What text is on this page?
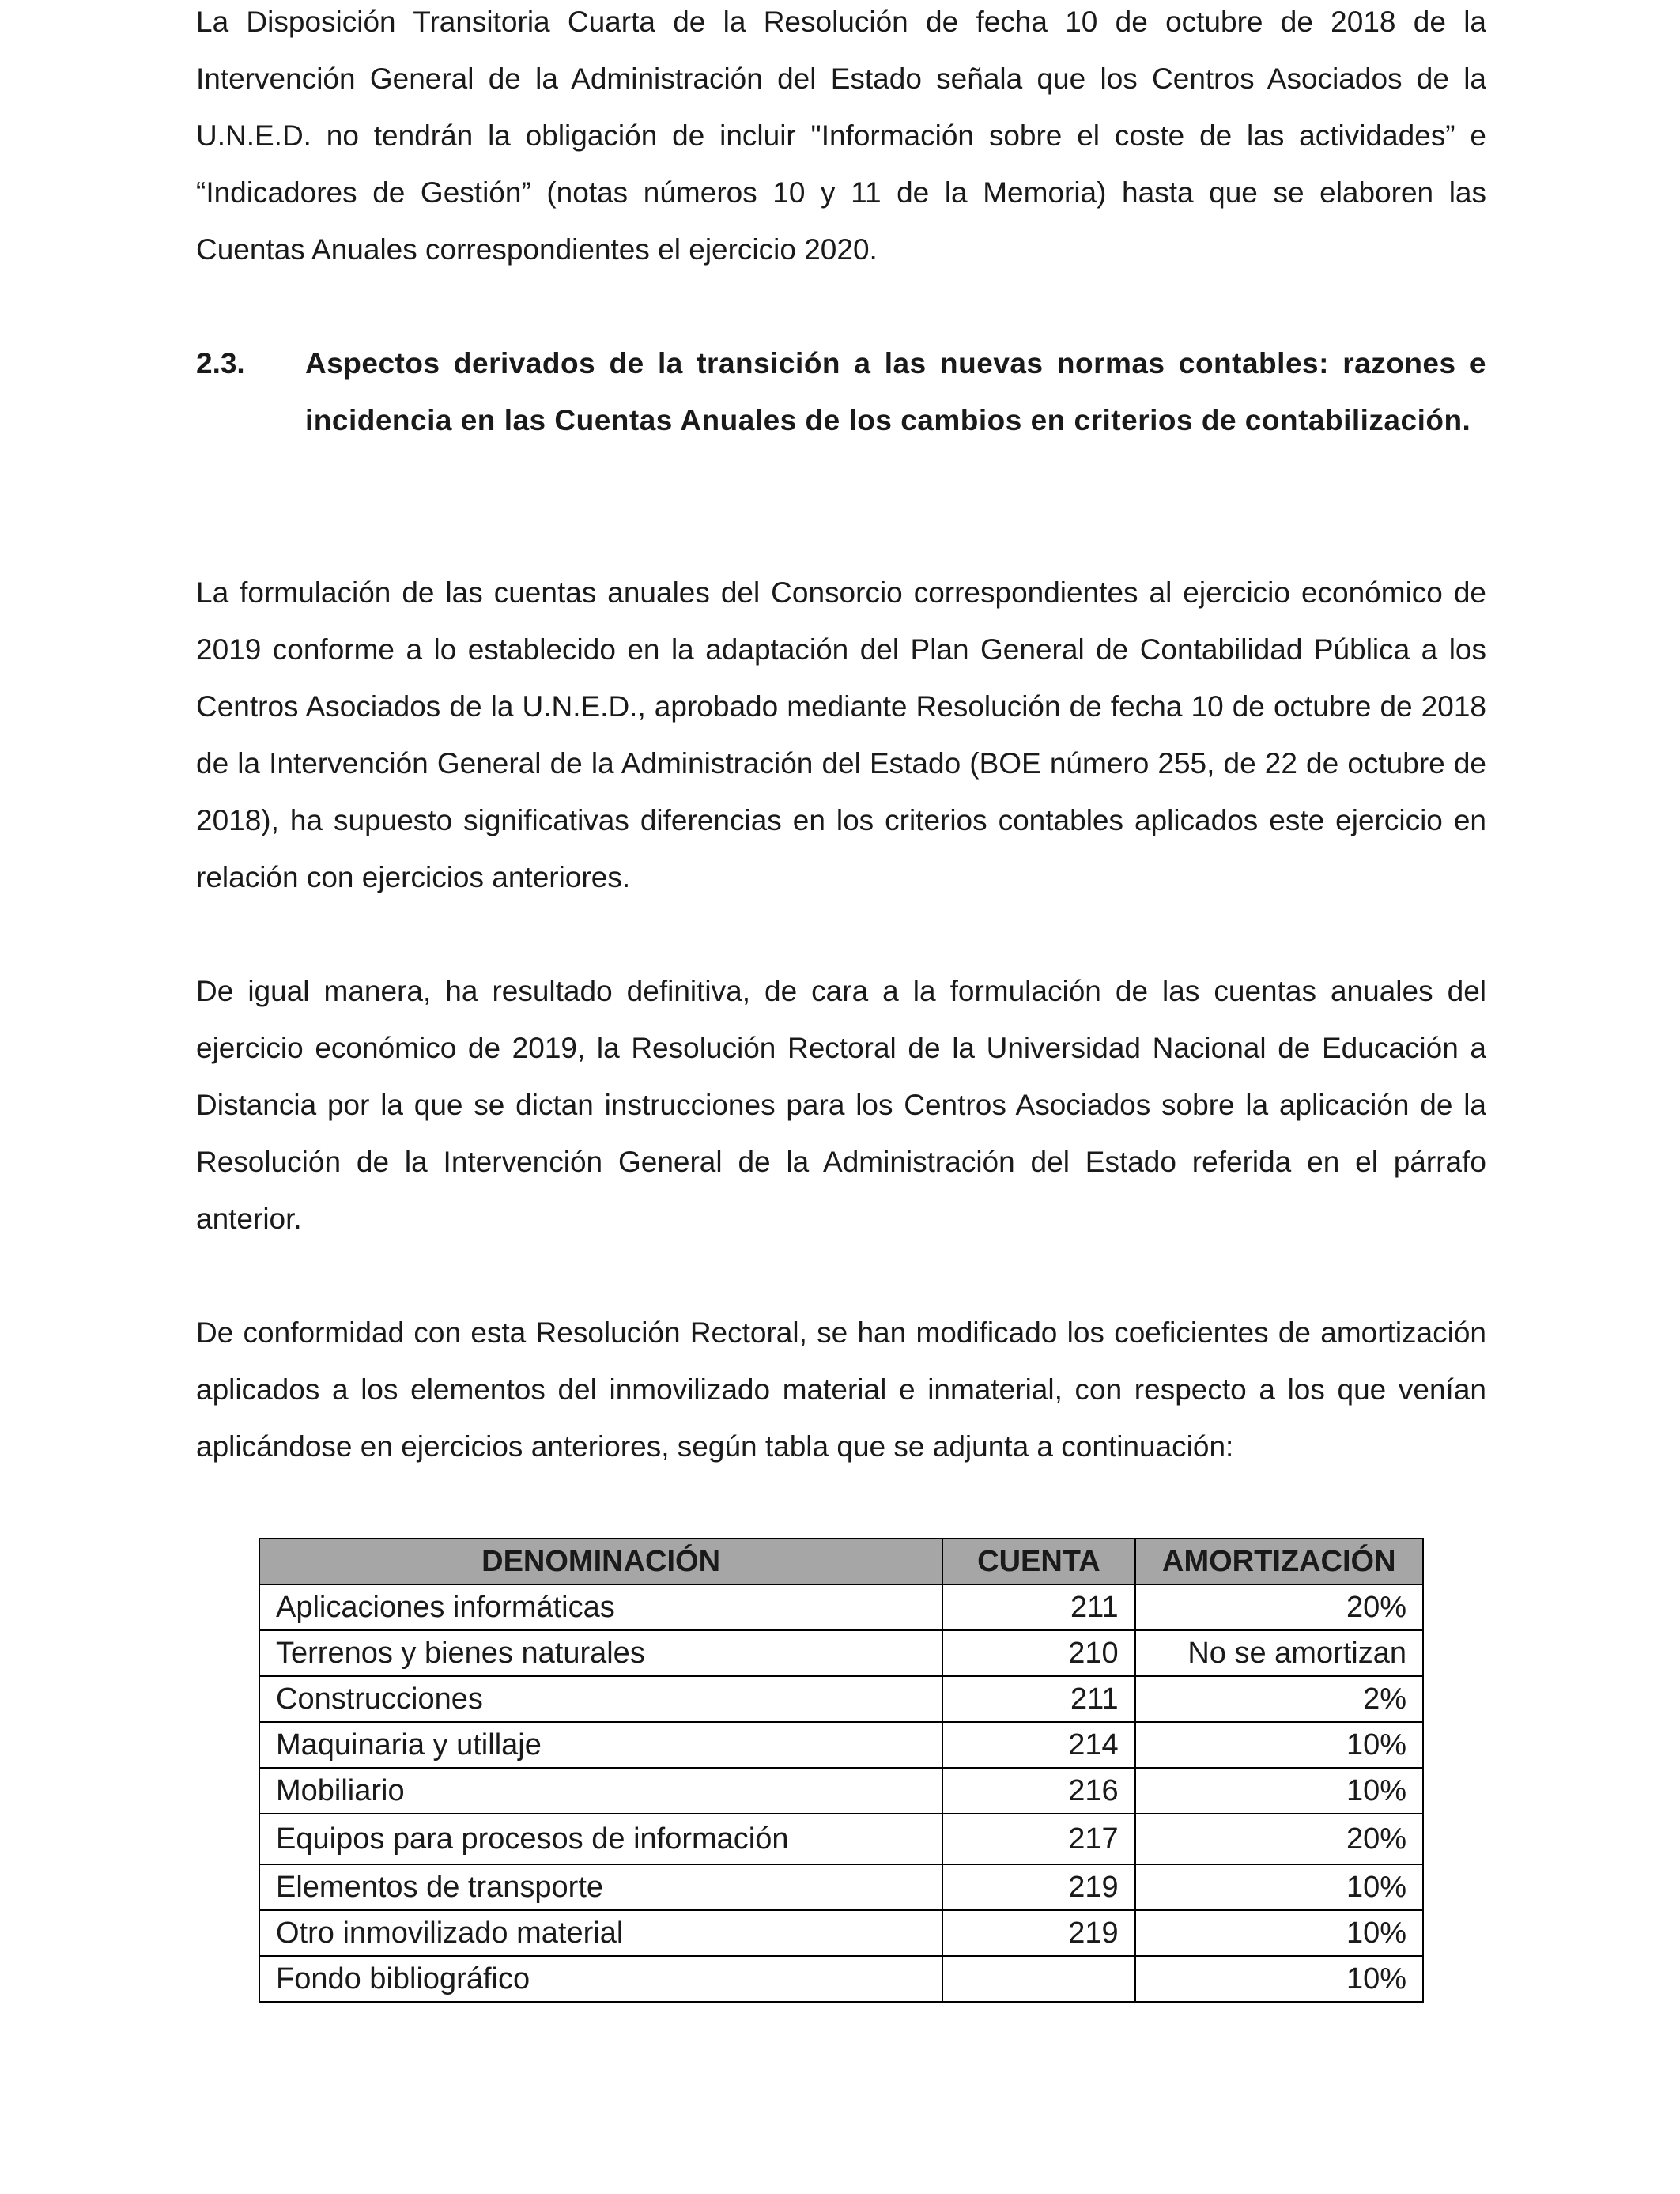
La Disposición Transitoria Cuarta de la Resolución de fecha 10 de octubre de 2018 de la Intervención General de la Administración del Estado señala que los Centros Asociados de la U.N.E.D. no tendrán la obligación de incluir "Información sobre el coste de las actividades” e “Indicadores de Gestión” (notas números 10 y 11 de la Memoria) hasta que se elaboren las Cuentas Anuales correspondientes el ejercicio 2020.

2.3. Aspectos derivados de la transición a las nuevas normas contables: razones e incidencia en las Cuentas Anuales de los cambios en criterios de contabilización.

La formulación de las cuentas anuales del Consorcio correspondientes al ejercicio económico de 2019 conforme a lo establecido en la adaptación del Plan General de Contabilidad Pública a los Centros Asociados de la U.N.E.D., aprobado mediante Resolución de fecha 10 de octubre de 2018 de la Intervención General de la Administración del Estado (BOE número 255, de 22 de octubre de 2018), ha supuesto significativas diferencias en los criterios contables aplicados este ejercicio en relación con ejercicios anteriores.

De igual manera, ha resultado definitiva, de cara a la formulación de las cuentas anuales del ejercicio económico de 2019, la Resolución Rectoral de la Universidad Nacional de Educación a Distancia por la que se dictan instrucciones para los Centros Asociados sobre la aplicación de la Resolución de la Intervención General de la Administración del Estado referida en el párrafo anterior.

De conformidad con esta Resolución Rectoral, se han modificado los coeficientes de amortización aplicados a los elementos del inmovilizado material e inmaterial, con respecto a los que venían aplicándose en ejercicios anteriores, según tabla que se adjunta a continuación:

DENOMINACIÓN	CUENTA	AMORTIZACIÓN
Aplicaciones informáticas	211	20%
Terrenos y bienes naturales	210	No se amortizan
Construcciones	211	2%
Maquinaria y utillaje	214	10%
Mobiliario	216	10%
Equipos para procesos de información	217	20%
Elementos de transporte	219	10%
Otro inmovilizado material	219	10%
Fondo bibliográfico		10%
